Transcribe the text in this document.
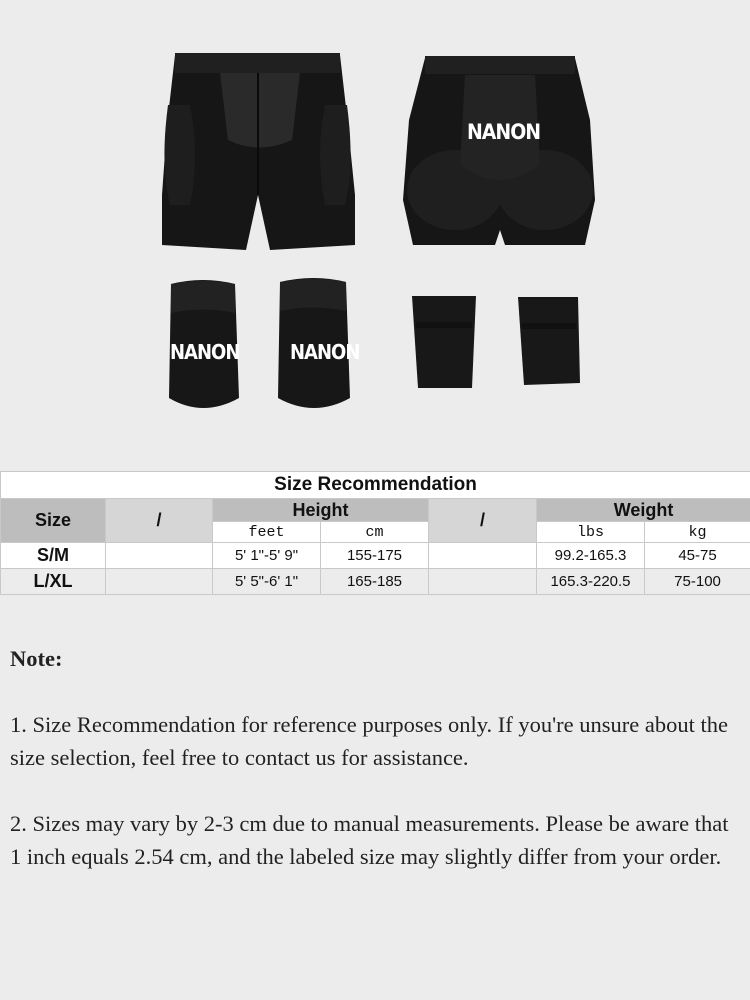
NANON
NANON	NANON
Size Recommendation						
Size	/	Height		/	Weight	
		feet	cm		lbs	kg
S/M		5' 1"-5' 9"	155-175		99.2-165.3	45-75
L/XL		5' 5"-6' 1"	165-185		165.3-220.5	75-100

Note:

1. Size Recommendation for reference purposes only. If you're unsure about the size selection, feel free to contact us for assistance.

2. Sizes may vary by 2-3 cm due to manual measurements. Please be aware that 1 inch equals 2.54 cm, and the labeled size may slightly differ from your order.
